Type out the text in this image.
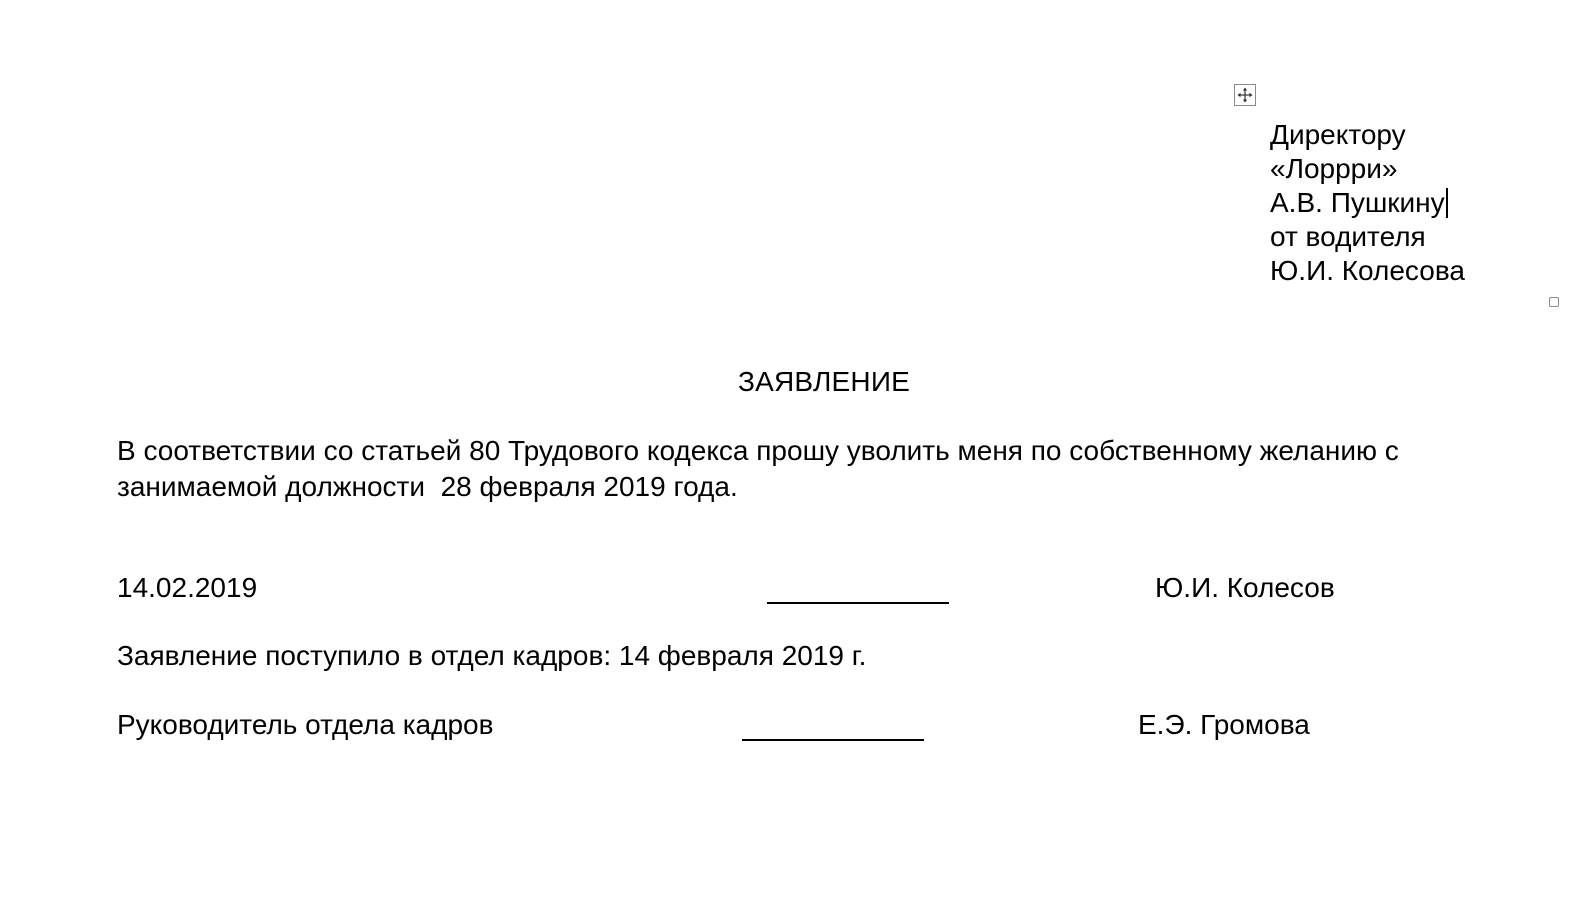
Директору
«Лоррри»
А.В. Пушкину
от водителя
Ю.И. Колесова
ЗАЯВЛЕНИЕ
В соответствии со статьей 80 Трудового кодекса прошу уволить меня по собственному желанию с
занимаемой должности  28 февраля 2019 года.
14.02.2019	Ю.И. Колесов
Заявление поступило в отдел кадров: 14 февраля 2019 г.
Руководитель отдела кадров	Е.Э. Громова
